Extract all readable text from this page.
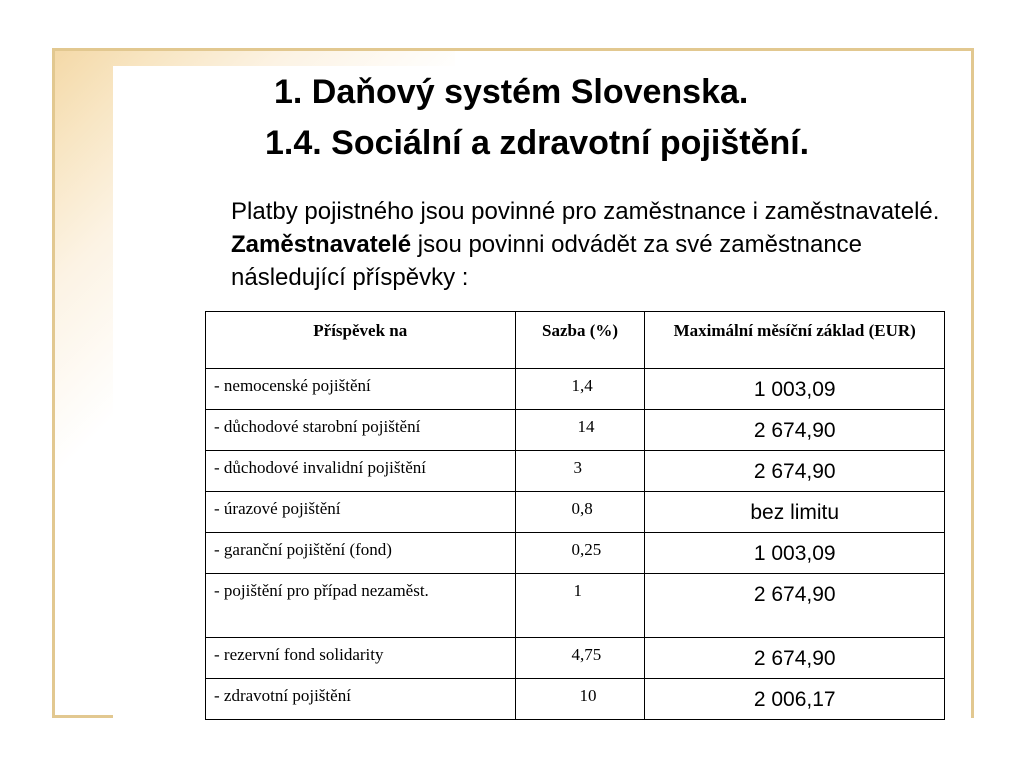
1. Daňový systém Slovenska.
1.4. Sociální a zdravotní pojištění.
Platby pojistného jsou povinné pro zaměstnance i zaměstnavatelé. Zaměstnavatelé jsou povinni odvádět za své zaměstnance následující příspěvky :
Příspěvek na	Sazba (%)	Maximální měsíční základ (EUR)
- nemocenské pojištění	1,4	1 003,09
- důchodové starobní pojištění	14	2 674,90
- důchodové invalidní pojištění	3	2 674,90
- úrazové pojištění	0,8	bez limitu
- garanční pojištění (fond)	0,25	1 003,09
- pojištění pro případ nezaměst.	1	2 674,90
- rezervní fond solidarity	4,75	2 674,90
- zdravotní pojištění	10	2 006,17
